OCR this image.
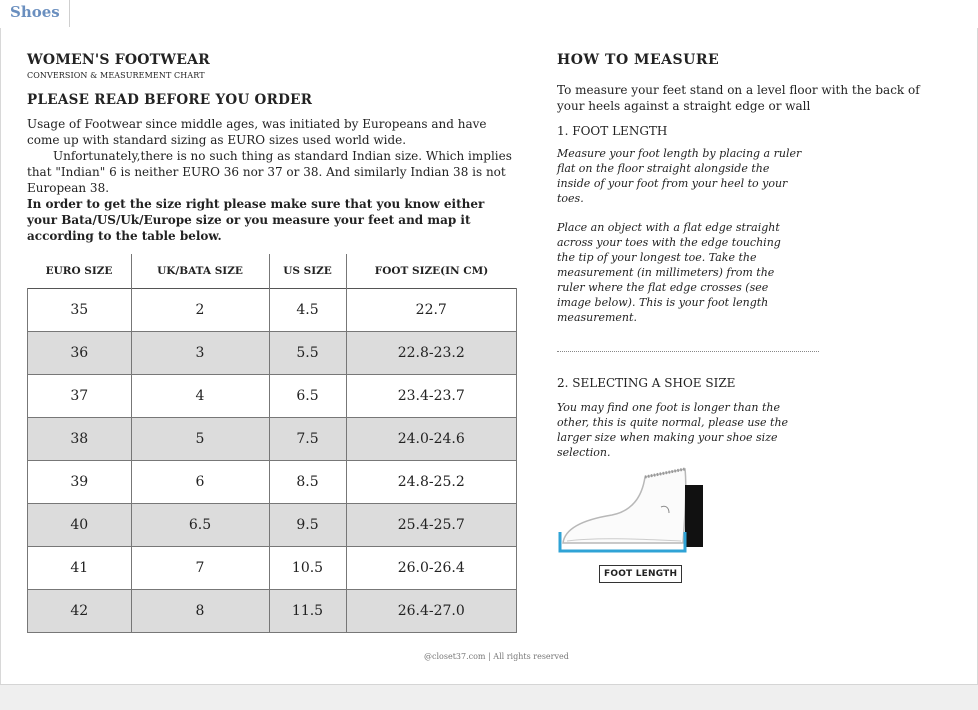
Shoes
WOMEN'S FOOTWEAR
CONVERSION & MEASUREMENT CHART
PLEASE READ BEFORE YOU ORDER
Usage of Footwear since middle ages, was initiated by Europeans and have come up with standard sizing as EURO sizes used world wide.
Unfortunately,there is no such thing as standard Indian size. Which implies that "Indian" 6 is neither EURO 36 nor 37 or 38. And similarly Indian 38 is not European 38.
In order to get the size right please make sure that you know either your Bata/US/Uk/Europe size or you measure your feet and map it according to the table below.
EURO SIZE	UK/BATA SIZE	US SIZE	FOOT SIZE(IN CM)
35	2	4.5	22.7
36	3	5.5	22.8-23.2
37	4	6.5	23.4-23.7
38	5	7.5	24.0-24.6
39	6	8.5	24.8-25.2
40	6.5	9.5	25.4-25.7
41	7	10.5	26.0-26.4
42	8	11.5	26.4-27.0
HOW TO MEASURE
To measure your feet stand on a level floor with the back of your heels against a straight edge or wall
1. FOOT LENGTH
Measure your foot length by placing a ruler flat on the floor straight alongside the inside of your foot from your heel to your toes.
Place an object with a flat edge straight across your toes with the edge touching the tip of your longest toe. Take the measurement (in millimeters) from the ruler where the flat edge crosses (see image below). This is your foot length measurement.
2. SELECTING A SHOE SIZE
You may find one foot is longer than the other, this is quite normal, please use the larger size when making your shoe size selection.
FOOT LENGTH
@closet37.com | All rights reserved
